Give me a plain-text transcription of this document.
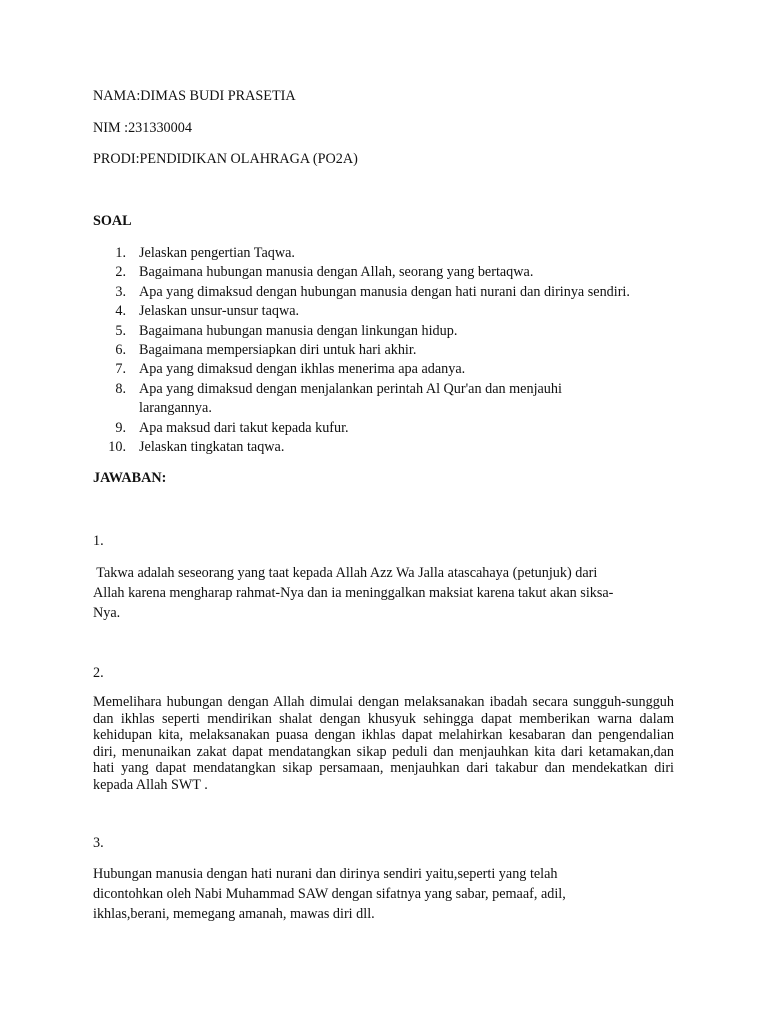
NAMA:DIMAS BUDI PRASETIA
NIM :231330004
PRODI:PENDIDIKAN OLAHRAGA (PO2A)
SOAL
1. Jelaskan pengertian Taqwa.
2. Bagaimana hubungan manusia dengan Allah, seorang yang bertaqwa.
3. Apa yang dimaksud dengan hubungan manusia dengan hati nurani dan dirinya sendiri.
4. Jelaskan unsur-unsur taqwa.
5. Bagaimana hubungan manusia dengan linkungan hidup.
6. Bagaimana mempersiapkan diri untuk hari akhir.
7. Apa yang dimaksud dengan ikhlas menerima apa adanya.
8. Apa yang dimaksud dengan menjalankan perintah Al Qur'an dan menjauhi
larangannya.
9. Apa maksud dari takut kepada kufur.
10. Jelaskan tingkatan taqwa.
JAWABAN:
1.
Takwa adalah seseorang yang taat kepada Allah Azz Wa Jalla atascahaya (petunjuk) dari
Allah karena mengharap rahmat-Nya dan ia meninggalkan maksiat karena takut akan siksa-
Nya.
2.
Memelihara hubungan dengan Allah dimulai dengan melaksanakan ibadah secara sungguh-sungguh dan ikhlas seperti mendirikan shalat dengan khusyuk sehingga dapat memberikan warna dalam kehidupan kita, melaksanakan puasa dengan ikhlas dapat melahirkan kesabaran dan pengendalian diri, menunaikan zakat dapat mendatangkan sikap peduli dan menjauhkan kita dari ketamakan,dan hati yang dapat mendatangkan sikap persamaan, menjauhkan dari takabur dan mendekatkan diri kepada Allah SWT .
3.
Hubungan manusia dengan hati nurani dan dirinya sendiri yaitu,seperti yang telah
dicontohkan oleh Nabi Muhammad SAW dengan sifatnya yang sabar, pemaaf, adil,
ikhlas,berani, memegang amanah, mawas diri dll.
